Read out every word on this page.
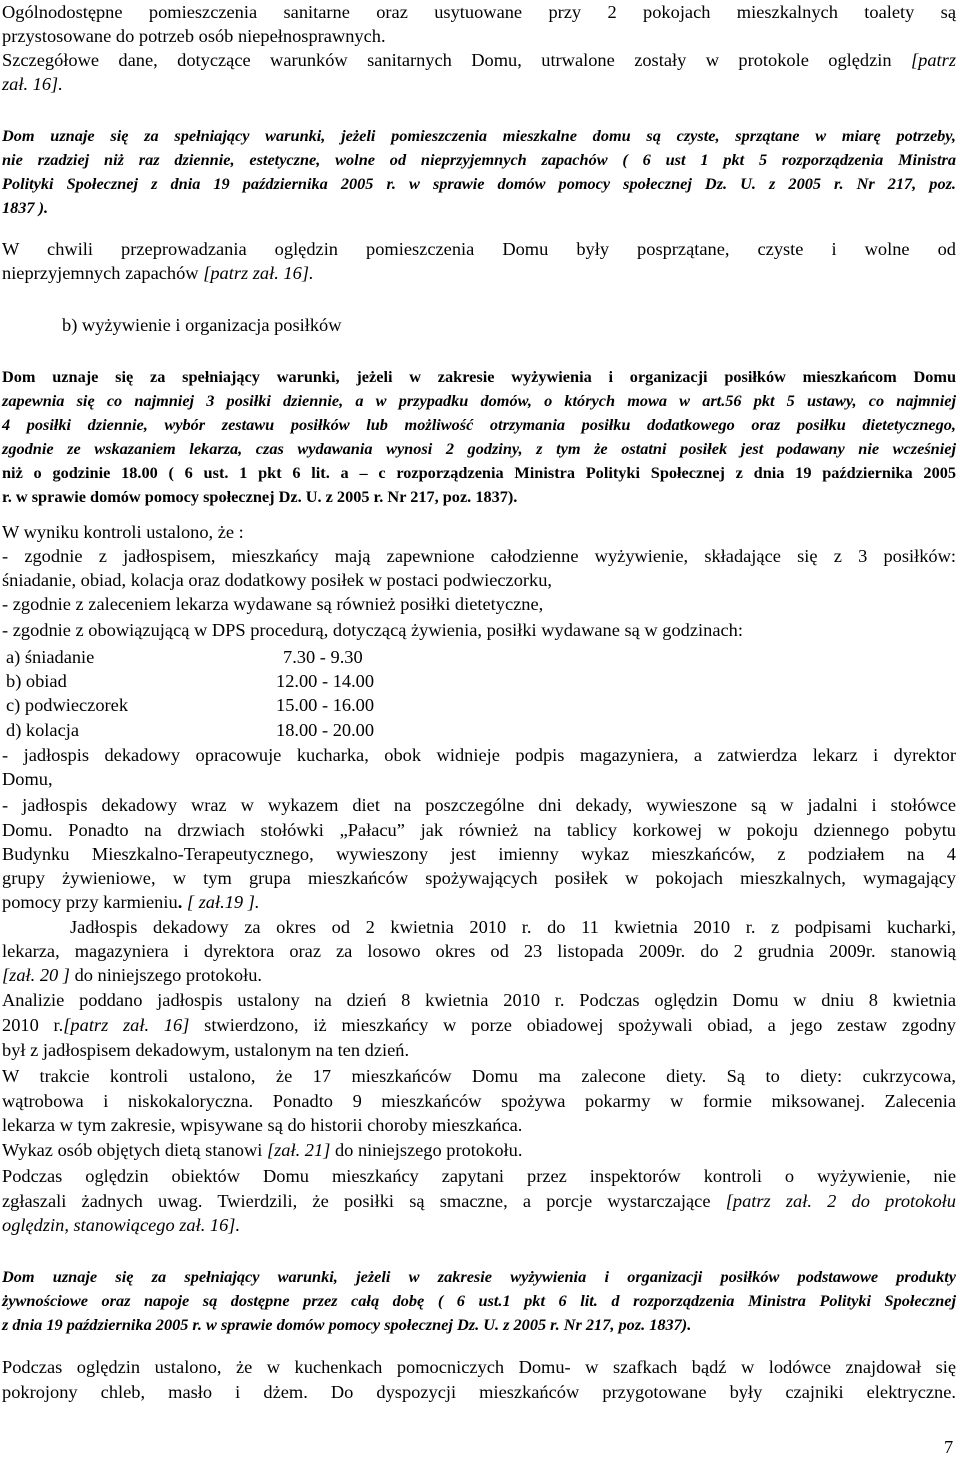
Ogólnodostępne pomieszczenia sanitarne oraz usytuowane przy 2 pokojach mieszkalnych toalety są
przystosowane do potrzeb osób niepełnosprawnych.
Szczegółowe dane, dotyczące warunków sanitarnych Domu, utrwalone zostały w protokole oględzin [patrz
zał. 16].
Dom uznaje się za spełniający warunki, jeżeli pomieszczenia mieszkalne domu są czyste, sprzątane w miarę potrzeby,
nie rzadziej niż raz dziennie, estetyczne, wolne od nieprzyjemnych zapachów ( 6 ust 1 pkt 5 rozporządzenia Ministra
Polityki Społecznej z dnia 19 października 2005 r. w sprawie domów pomocy społecznej Dz. U. z 2005 r. Nr 217, poz.
1837 ).
W chwili przeprowadzania oględzin pomieszczenia Domu były posprzątane, czyste i wolne od
nieprzyjemnych zapachów [patrz zał. 16].
b) wyżywienie i organizacja posiłków
Dom uznaje się za spełniający warunki, jeżeli w zakresie wyżywienia i organizacji posiłków mieszkańcom Domu
zapewnia się co najmniej 3 posiłki dziennie, a w przypadku domów, o których mowa w art.56 pkt 5 ustawy, co najmniej
4 posiłki dziennie, wybór zestawu posiłków lub możliwość otrzymania posiłku dodatkowego oraz posiłku dietetycznego,
zgodnie ze wskazaniem lekarza, czas wydawania wynosi 2 godziny, z tym że ostatni posiłek jest podawany nie wcześniej
niż o godzinie 18.00 ( 6 ust. 1 pkt 6 lit. a – c rozporządzenia Ministra Polityki Społecznej z dnia 19 października 2005
r. w sprawie domów pomocy społecznej Dz. U. z 2005 r. Nr 217, poz. 1837).
W wyniku kontroli ustalono, że :
- zgodnie z jadłospisem, mieszkańcy mają zapewnione całodzienne wyżywienie, składające się z 3 posiłków:
śniadanie, obiad, kolacja oraz dodatkowy posiłek w postaci podwieczorku,
- zgodnie z zaleceniem lekarza wydawane są również posiłki dietetyczne,
- zgodnie z obowiązującą w DPS procedurą, dotyczącą żywienia, posiłki wydawane są w godzinach:
a) śniadanie	7.30 - 9.30
b) obiad	12.00 - 14.00
c) podwieczorek	15.00 - 16.00
d) kolacja	18.00 - 20.00
- jadłospis dekadowy opracowuje kucharka, obok widnieje podpis magazyniera, a zatwierdza lekarz i dyrektor
Domu,
- jadłospis dekadowy wraz w wykazem diet na poszczególne dni dekady, wywieszone są w jadalni i stołówce
Domu. Ponadto na drzwiach stołówki „Pałacu” jak również na tablicy korkowej w pokoju dziennego pobytu
Budynku Mieszkalno-Terapeutycznego, wywieszony jest imienny wykaz mieszkańców, z podziałem na 4
grupy żywieniowe, w tym grupa mieszkańców spożywających posiłek w pokojach mieszkalnych, wymagający
pomocy przy karmieniu. [ zał.19 ].
Jadłospis dekadowy za okres od 2 kwietnia 2010 r. do 11 kwietnia 2010 r. z podpisami kucharki,
lekarza, magazyniera i dyrektora oraz za losowo okres od 23 listopada 2009r. do 2 grudnia 2009r. stanowią
[zał. 20 ] do niniejszego protokołu.
Analizie poddano jadłospis ustalony na dzień 8 kwietnia 2010 r. Podczas oględzin Domu w dniu 8 kwietnia
2010 r.[patrz zał. 16] stwierdzono, iż mieszkańcy w porze obiadowej spożywali obiad, a jego zestaw zgodny
był z jadłospisem dekadowym, ustalonym na ten dzień.
W trakcie kontroli ustalono, że 17 mieszkańców Domu ma zalecone diety. Są to diety: cukrzycowa,
wątrobowa i niskokaloryczna. Ponadto 9 mieszkańców spożywa pokarmy w formie miksowanej. Zalecenia
lekarza w tym zakresie, wpisywane są do historii choroby mieszkańca.
Wykaz osób objętych dietą stanowi [zał. 21] do niniejszego protokołu.
Podczas oględzin obiektów Domu mieszkańcy zapytani przez inspektorów kontroli o wyżywienie, nie
zgłaszali żadnych uwag. Twierdzili, że posiłki są smaczne, a porcje wystarczające [patrz zał. 2 do protokołu
oględzin, stanowiącego zał. 16].
Dom uznaje się za spełniający warunki, jeżeli w zakresie wyżywienia i organizacji posiłków podstawowe produkty
żywnościowe oraz napoje są dostępne przez całą dobę ( 6 ust.1 pkt 6 lit. d rozporządzenia Ministra Polityki Społecznej
z dnia 19 października 2005 r. w sprawie domów pomocy społecznej Dz. U. z 2005 r. Nr 217, poz. 1837).
Podczas oględzin ustalono, że w kuchenkach pomocniczych Domu- w szafkach bądź w lodówce znajdował się
pokrojony chleb, masło i dżem. Do dyspozycji mieszkańców przygotowane były czajniki elektryczne.
7
